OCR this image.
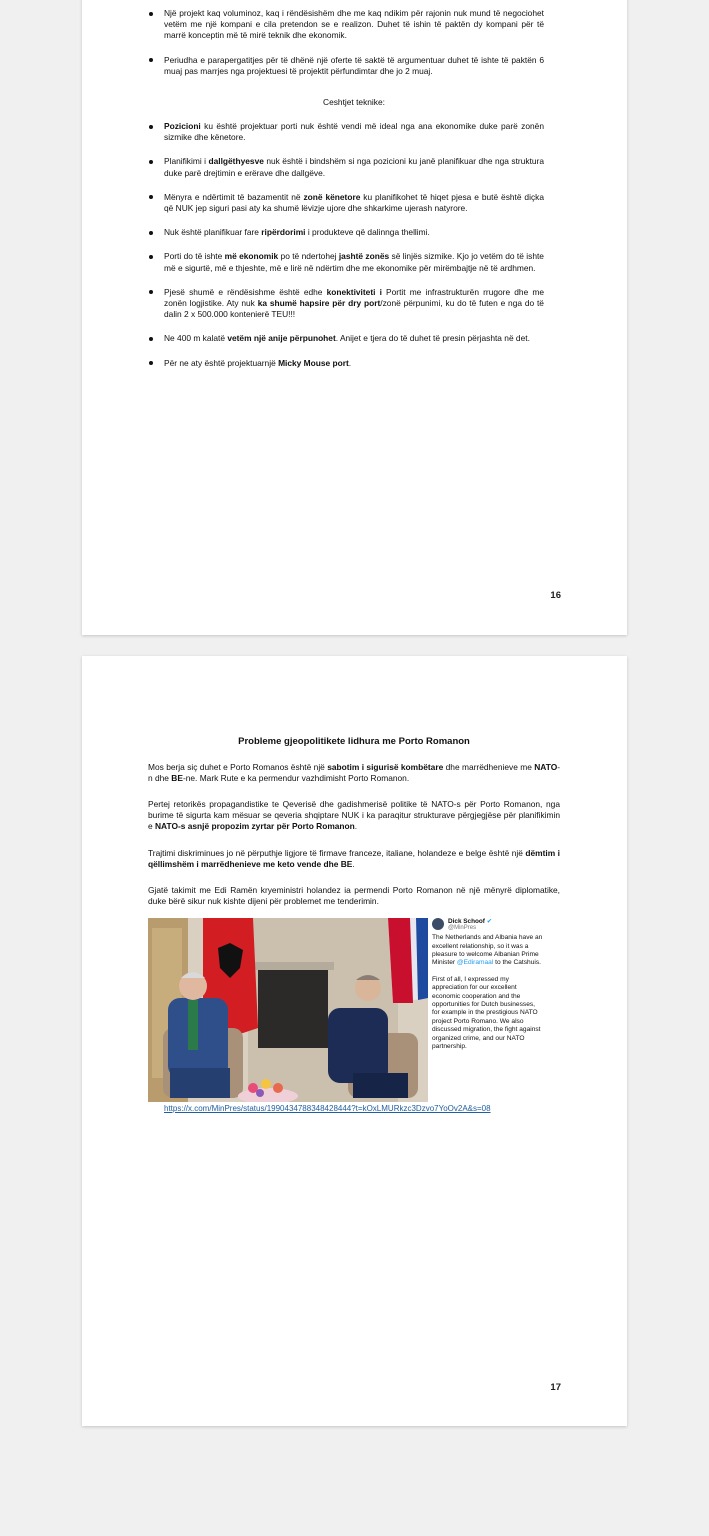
Një projekt kaq voluminoz, kaq i rëndësishëm dhe me kaq ndikim për rajonin nuk mund të negociohet vetëm me një kompani e cila pretendon se e realizon. Duhet të ishin të paktën dy kompani për të marrë konceptin më të mirë teknik dhe ekonomik.
Periudha e parapergatitjes për të dhënë një oferte të saktë të argumentuar duhet të ishte të paktën 6 muaj pas marrjes nga projektuesi të projektit përfundimtar dhe jo 2 muaj.
Ceshtjet teknike:
Pozicioni ku është projektuar porti nuk është vendi më ideal nga ana ekonomike duke parë zonën sizmike dhe kënetore.
Planifikimi i dallgëthyesve nuk është i bindshëm si nga pozicioni ku janë planifikuar dhe nga struktura duke parë drejtimin e erërave dhe dallgëve.
Mënyra e ndërtimit të bazamentit në zonë kënetore ku planifikohet të hiqet pjesa e butë është diçka që NUK jep siguri pasi aty ka shumë lëvizje ujore dhe shkarkime ujerash natyrore.
Nuk është planifikuar fare ripërdorimi i produkteve që dalinnga thellimi.
Porti do të ishte më ekonomik po të ndertohej jashtë zonës së linjës sizmike. Kjo jo vetëm do të ishte më e sigurtë, më e thjeshte, më e lirë në ndërtim dhe me ekonomike për mirëmbajtje në të ardhmen.
Pjesë shumë e rëndësishme është edhe konektiviteti i Portit me infrastrukturën rrugore dhe me zonën logjistike. Aty nuk ka shumë hapsire për dry port/zonë përpunimi, ku do të futen e nga do të dalin 2 x 500.000 kontenierë TEU!!!
Ne 400 m kalatë vetëm një anije përpunohet. Anijet e tjera do të duhet të presin përjashta në det.
Për ne aty është projektuarnjë Micky Mouse port.
16
Probleme gjeopolitikete lidhura me Porto Romanon

Mos berja siç duhet e Porto Romanos është një sabotim i sigurisë kombëtare dhe marrëdhenieve me NATO-n dhe BE-ne. Mark Rute e ka permendur vazhdimisht Porto Romanon.

Pertej retorikës propagandistike te Qeverisë dhe gadishmerisë politike të NATO-s për Porto Romanon, nga burime të sigurta kam mësuar se qeveria shqiptare NUK i ka paraqitur strukturave përgjegjëse për planifikimin e NATO-s asnjë propozim zyrtar për Porto Romanon.

Trajtimi diskriminues jo në përputhje ligjore të firmave franceze, italiane, holandeze e belge është një dëmtim i qëllimshëm i marrëdhenieve me keto vende dhe BE.

Gjatë takimit me Edi Ramën kryeministri holandez ia permendi Porto Romanon në një mënyrë diplomatike, duke bërë sikur nuk kishte dijeni për problemet me tenderimin.

Dick Schoof ✔
@MinPres

The Netherlands and Albania have an excellent relationship, so it was a pleasure to welcome Albanian Prime Minister @Ediramaal to the Catshuis.

First of all, I expressed my appreciation for our excellent economic cooperation and the opportunities for Dutch businesses, for example in the prestigious NATO project Porto Romano. We also discussed migration, the fight against organized crime, and our NATO partnership.

https://x.com/MinPres/status/1990434788348428444?t=kOxLMURkzc3Dzvo7YoOv2A&s=08
17
